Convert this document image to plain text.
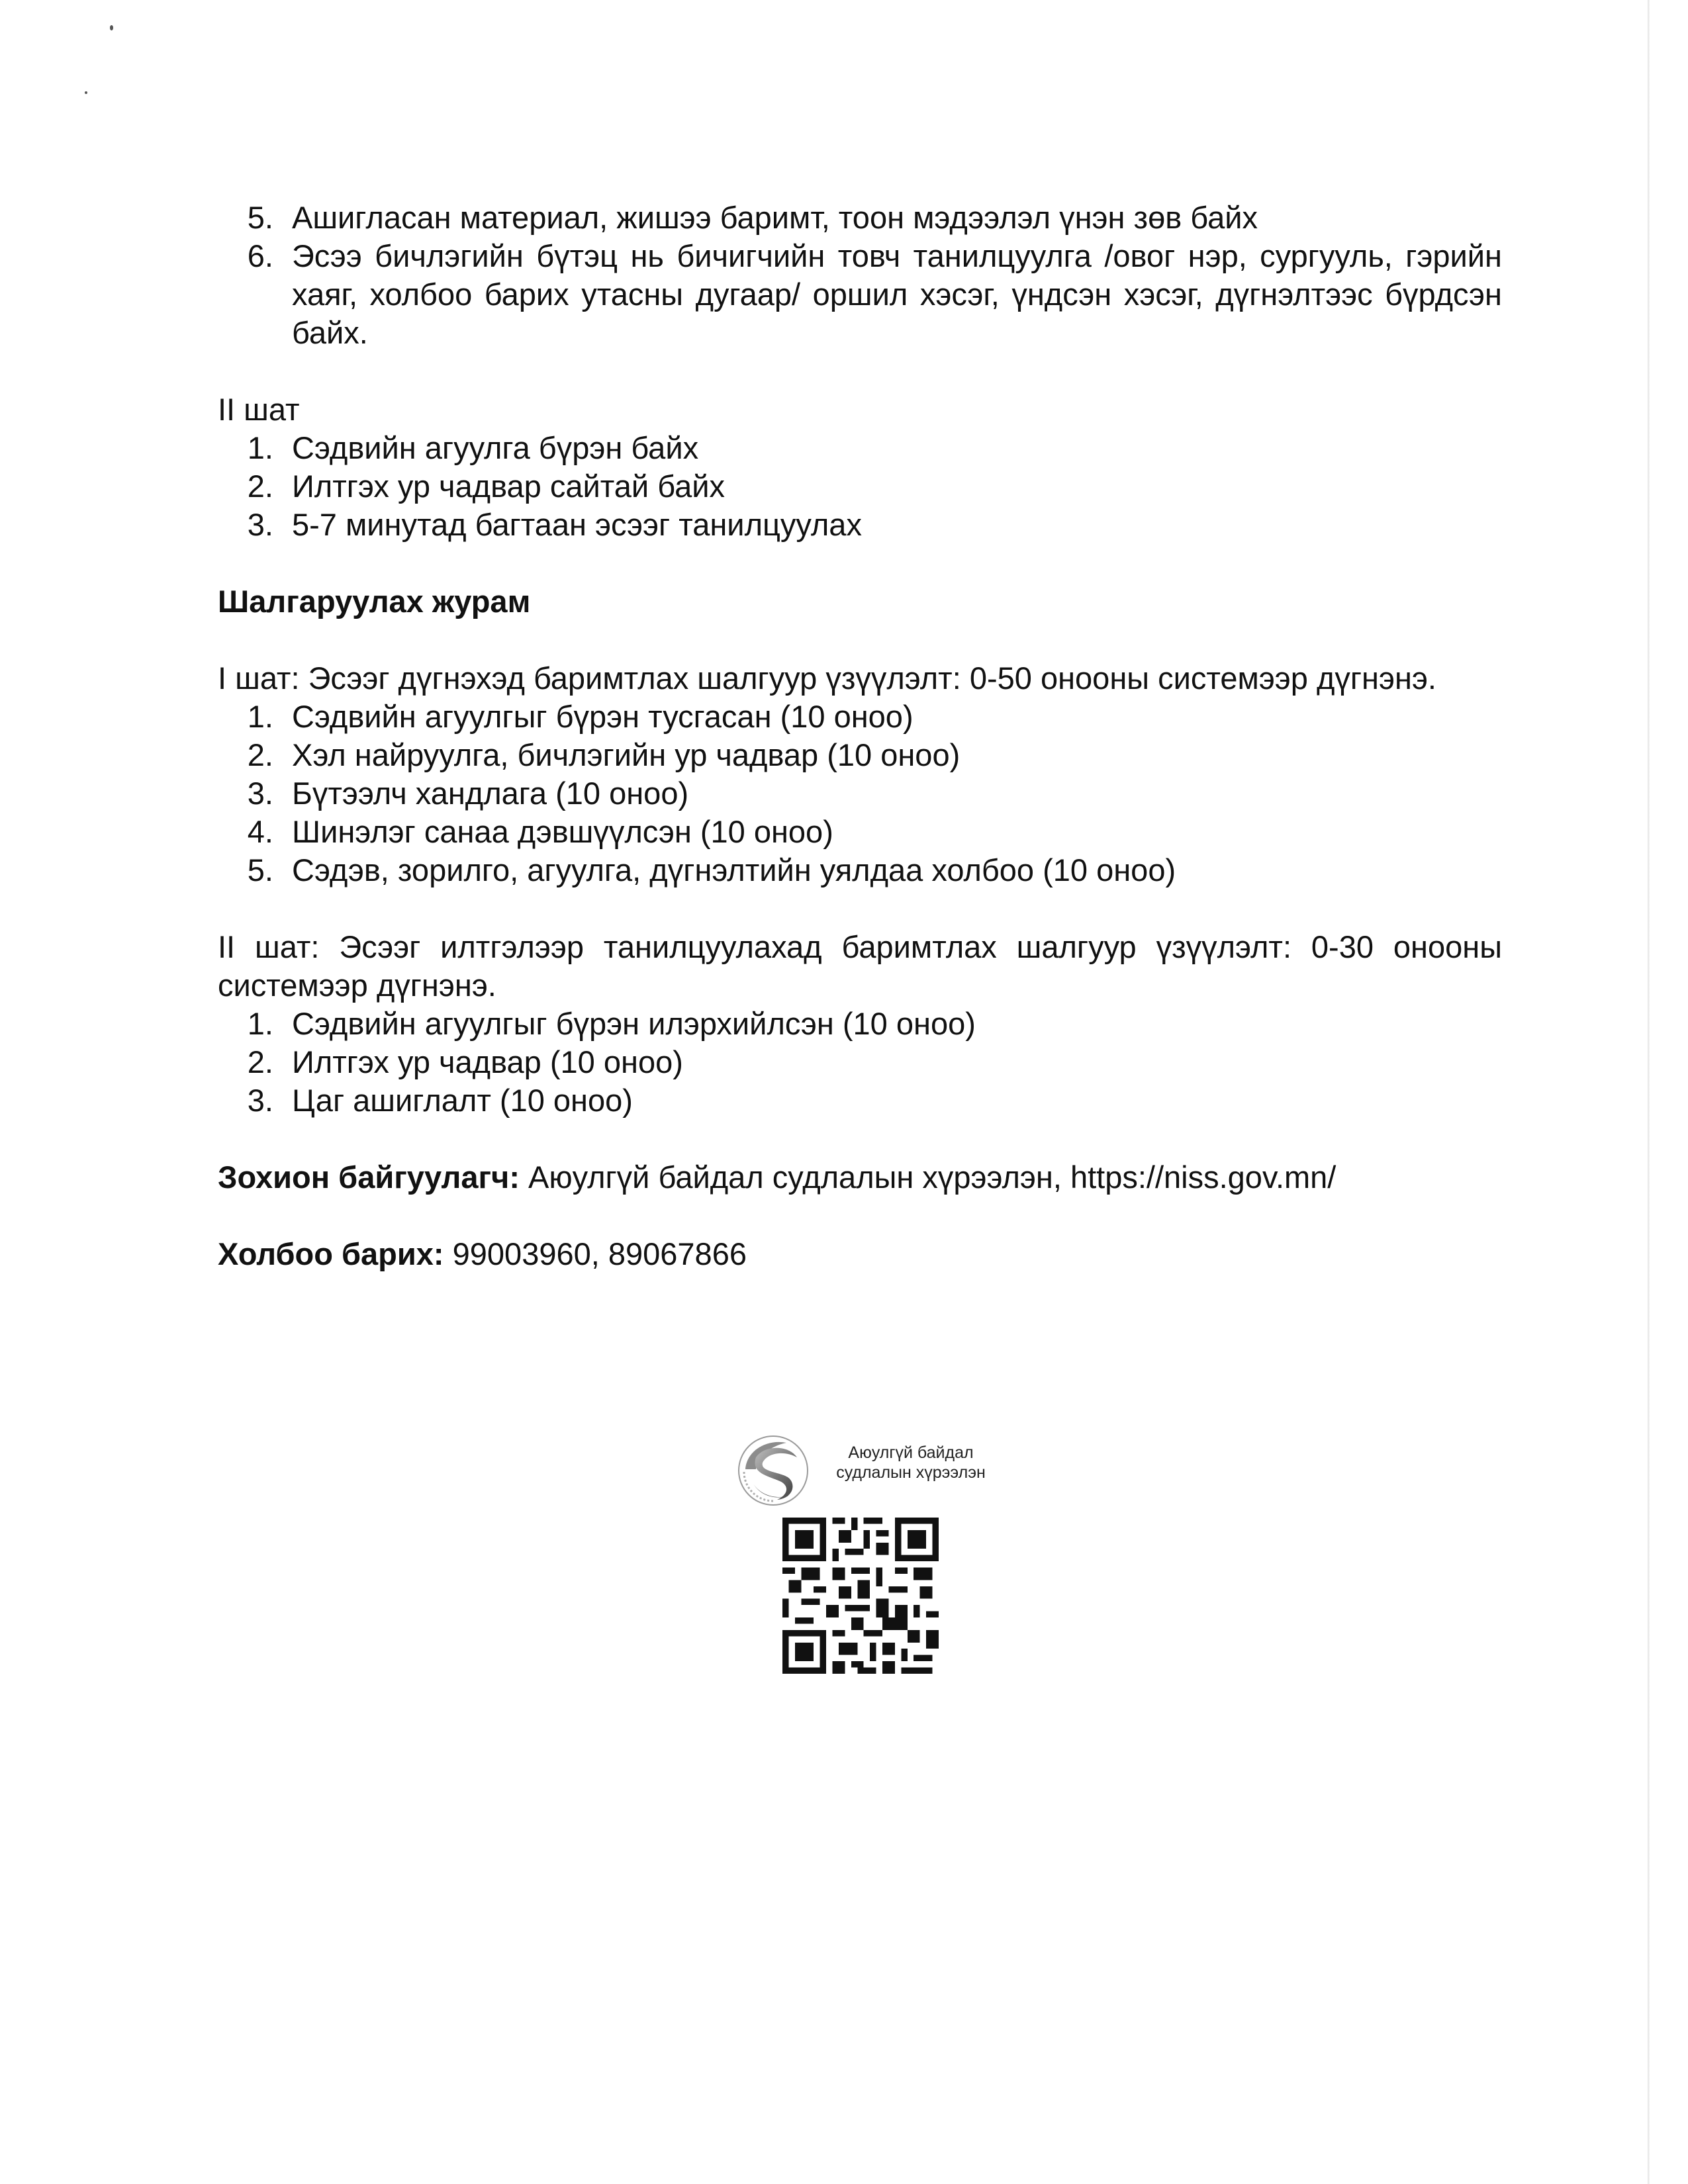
5. Ашигласан материал, жишээ баримт, тоон мэдээлэл үнэн зөв байх
6. Эсээ бичлэгийн бүтэц нь бичигчийн товч танилцуулга /овог нэр, сургууль, гэрийн хаяг, холбоо барих утасны дугаар/ оршил хэсэг, үндсэн хэсэг, дүгнэлтээс бүрдсэн байх.

II шат

1. Сэдвийн агуулга бүрэн байх
2. Илтгэх ур чадвар сайтай байх
3. 5-7 минутад багтаан эсээг танилцуулах

Шалгаруулах журам

I шат: Эсээг дүгнэхэд баримтлах шалгуур үзүүлэлт: 0-50 онооны системээр дүгнэнэ.

1. Сэдвийн агуулгыг бүрэн тусгасан (10 оноо)
2. Хэл найруулга, бичлэгийн ур чадвар (10 оноо)
3. Бүтээлч хандлага (10 оноо)
4. Шинэлэг санаа дэвшүүлсэн (10 оноо)
5. Сэдэв, зорилго, агуулга, дүгнэлтийн уялдаа холбоо (10 оноо)

II шат: Эсээг илтгэлээр танилцуулахад баримтлах шалгуур үзүүлэлт: 0-30 онооны системээр дүгнэнэ.

1. Сэдвийн агуулгыг бүрэн илэрхийлсэн (10 оноо)
2. Илтгэх ур чадвар (10 оноо)
3. Цаг ашиглалт (10 оноо)

Зохион байгуулагч: Аюулгүй байдал судлалын хүрээлэн, https://niss.gov.mn/

Холбоо барих: 99003960, 89067866

Аюулгүй байдал
судлалын хүрээлэн
